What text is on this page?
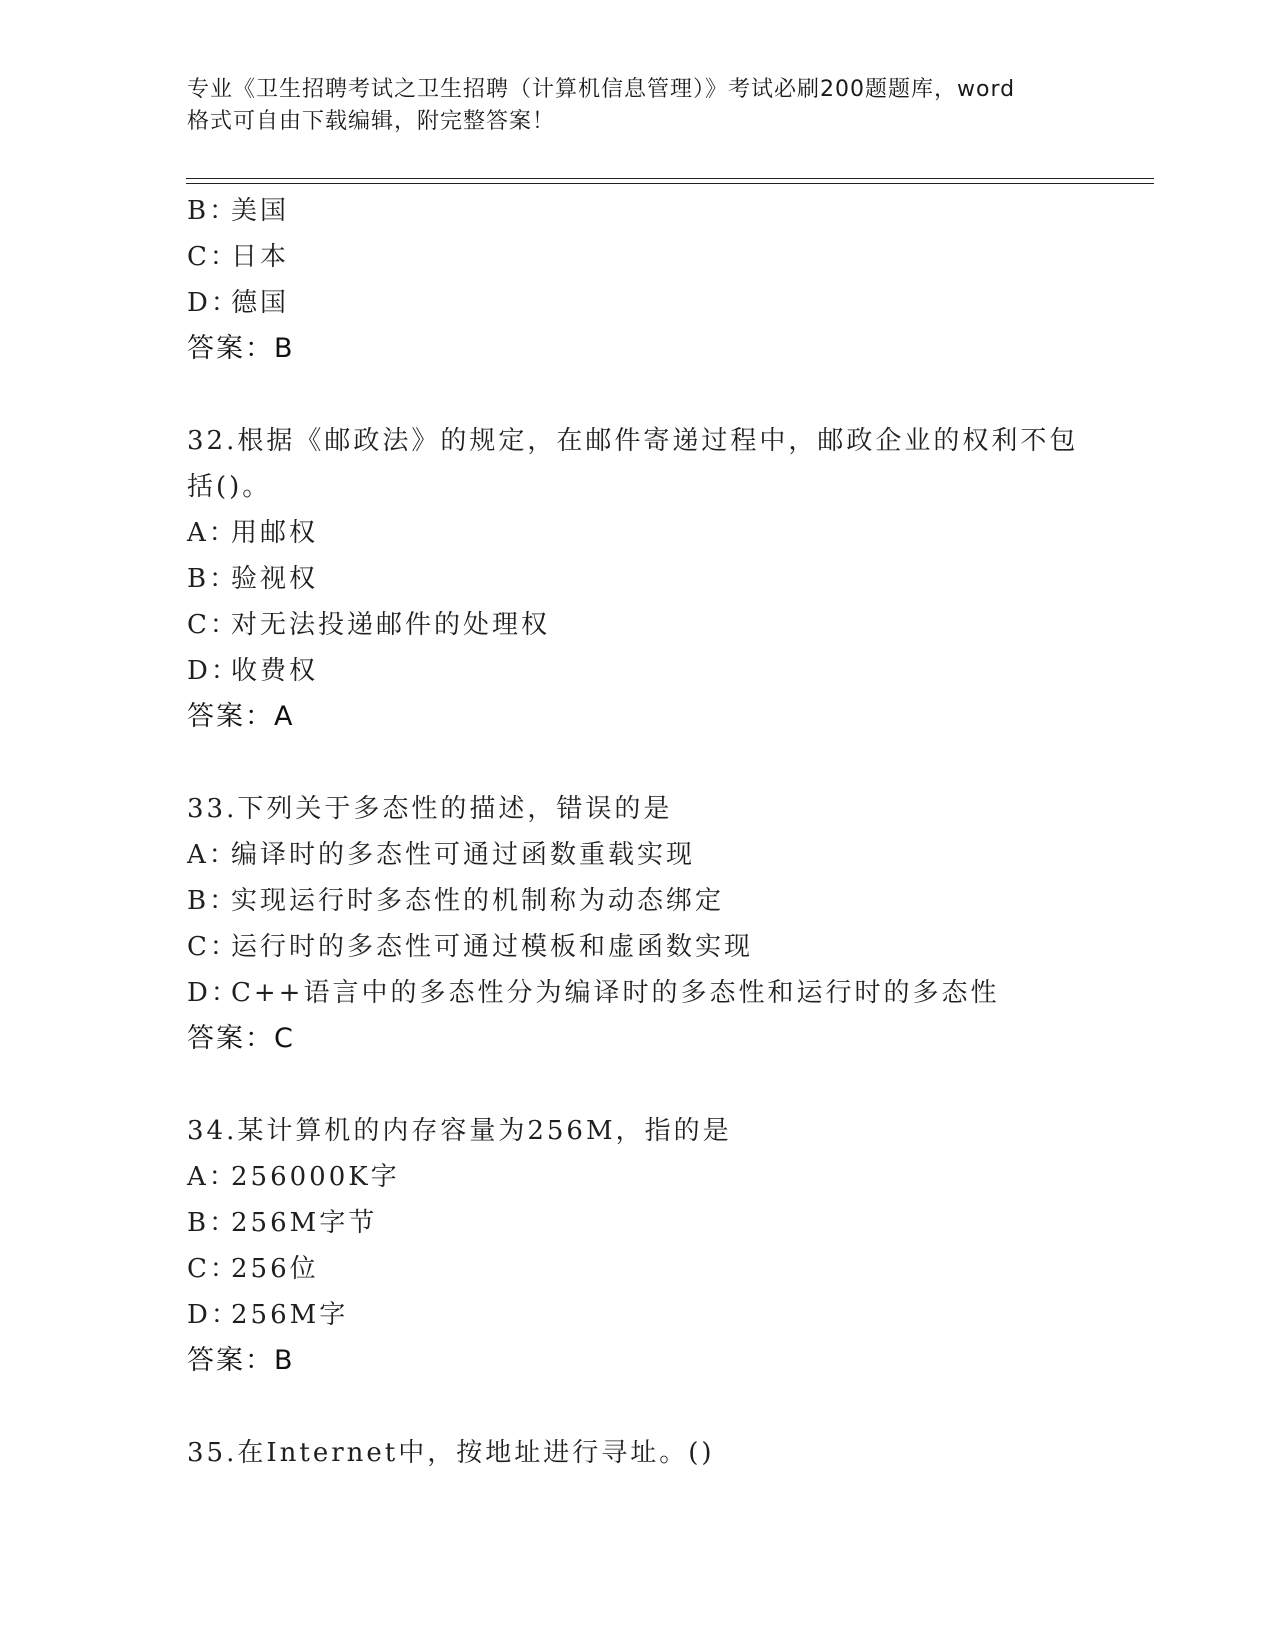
专业《卫生招聘考试之卫生招聘（计算机信息管理）》考试必刷200题题库，word
格式可自由下载编辑，附完整答案！
B：美国
C：日本
D：德国
答案：B
32.根据《邮政法》的规定，在邮件寄递过程中，邮政企业的权利不包
括()。
A：用邮权
B：验视权
C：对无法投递邮件的处理权
D：收费权
答案：A
33.下列关于多态性的描述，错误的是
A：编译时的多态性可通过函数重载实现
B：实现运行时多态性的机制称为动态绑定
C：运行时的多态性可通过模板和虚函数实现
D：C++语言中的多态性分为编译时的多态性和运行时的多态性
答案：C
34.某计算机的内存容量为256M，指的是
A：256000K字
B：256M字节
C：256位
D：256M字
答案：B
35.在Internet中，按地址进行寻址。()
